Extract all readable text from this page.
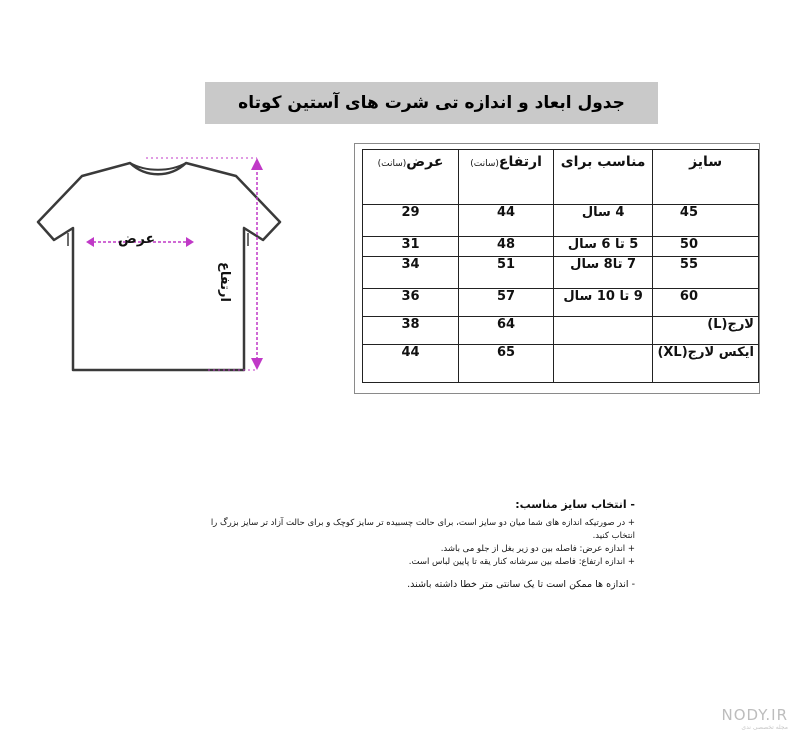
جدول ابعاد و اندازه تی شرت های آستین کوتاه
عرض
ارتفاع
سایز	مناسب برای	ارتفاع(سانت)	عرض(سانت)
45	4 سال	44	29
50	5 تا 6 سال	48	31
55	7 تا8 سال	51	34
60	9 تا 10 سال	57	36
لارج(L)		64	38
ایکس لارج(XL)		65	44
- انتخاب سایز مناسب:
+ در صورتیکه اندازه های شما میان دو سایز است، برای حالت چسبیده تر سایز کوچک و برای حالت آزاد تر سایز بزرگ را انتخاب کنید.
+ اندازه عرض: فاصله بین دو زیر بغل از جلو می باشد.
+ اندازه ارتفاع: فاصله بین سرشانه کنار یقه تا پایین لباس است.
- اندازه ها ممکن است تا یک سانتی متر خطا داشته باشند.
NODY.IR
مجله تخصصی ندی
